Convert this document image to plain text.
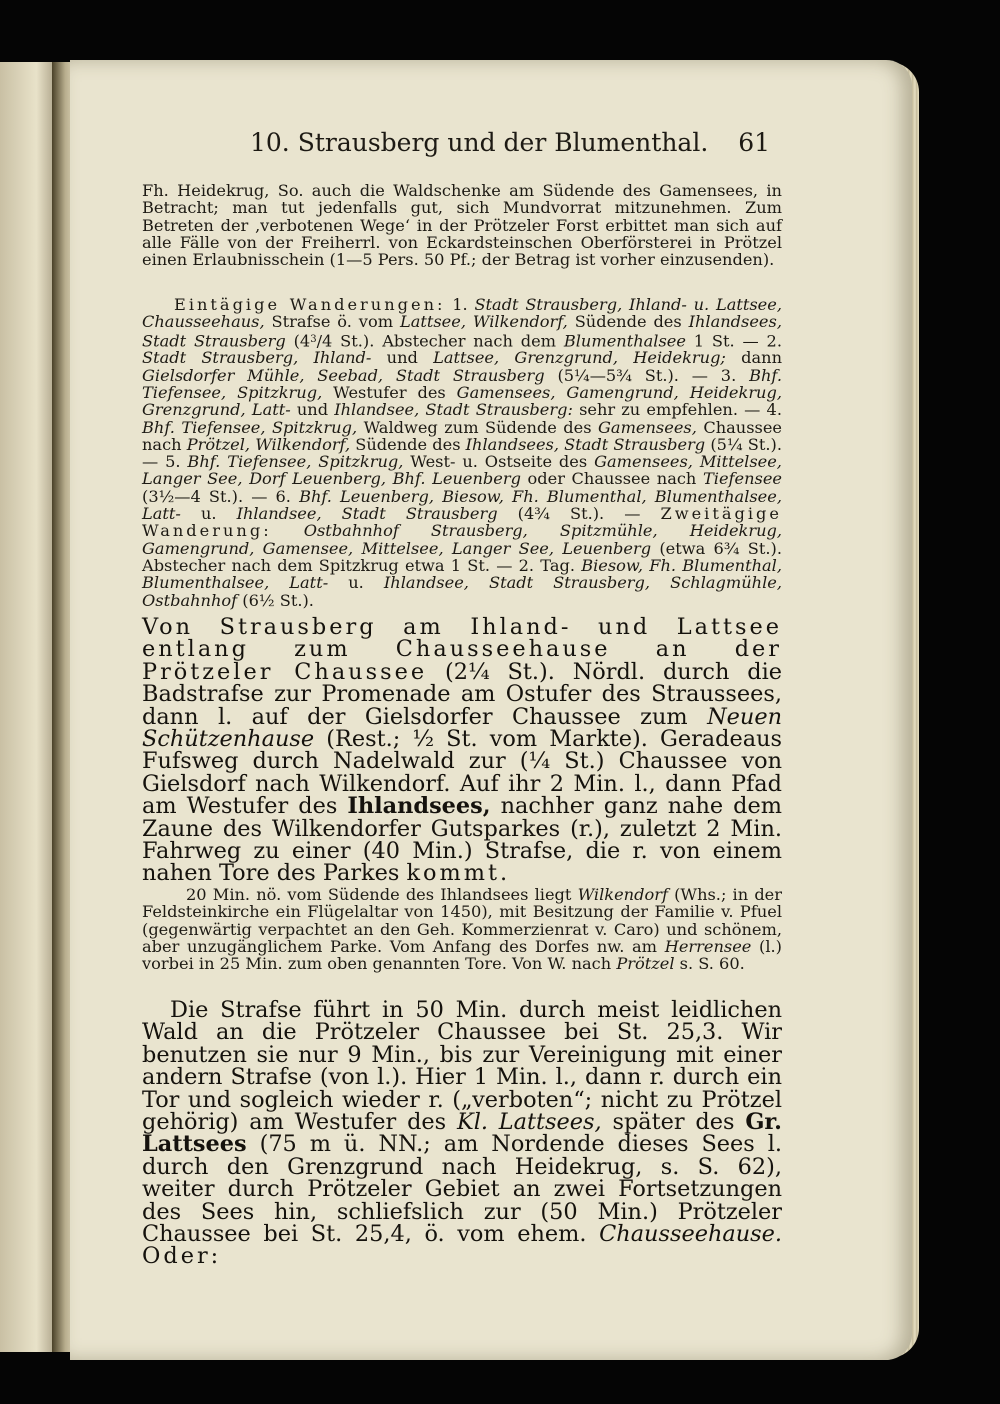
10. Strausberg und der Blumenthal. 61

Fh. Heidekrug, So. auch die Waldschenke am Südende des Gamensees, in Betracht; man tut jedenfalls gut, sich Mundvorrat mitzunehmen. Zum Betreten der ‚verbotenen Wege‘ in der Prötzeler Forst erbittet man sich auf alle Fälle von der Freiherrl. von Eckardsteinschen Oberförsterei in Prötzel einen Erlaubnisschein (1—5 Pers. 50 Pf.; der Betrag ist vorher einzusenden).

Eintägige Wanderungen: 1. Stadt Strausberg, Ihland- u. Lattsee, Chausseehaus, Strafse ö. vom Lattsee, Wilkendorf, Südende des Ihlandsees, Stadt Strausberg ($4^3/4$ St.). Abstecher nach dem Blumenthalsee 1 St. — 2. Stadt Strausberg, Ihland- und Lattsee, Grenzgrund, Heidekrug; dann Gielsdorfer Mühle, Seebad, Stadt Strausberg (5¼—5¾ St.). — 3. Bhf. Tiefensee, Spitzkrug, Westufer des Gamensees, Gamengrund, Heidekrug, Grenzgrund, Latt- und Ihlandsee, Stadt Strausberg: sehr zu empfehlen. — 4. Bhf. Tiefensee, Spitzkrug, Waldweg zum Südende des Gamensees, Chaussee nach Prötzel, Wilkendorf, Südende des Ihlandsees, Stadt Strausberg (5¼ St.). — 5. Bhf. Tiefensee, Spitzkrug, West- u. Ostseite des Gamensees, Mittelsee, Langer See, Dorf Leuenberg, Bhf. Leuenberg oder Chaussee nach Tiefensee (3½—4 St.). — 6. Bhf. Leuenberg, Biesow, Fh. Blumenthal, Blumenthalsee, Latt- u. Ihlandsee, Stadt Strausberg (4¾ St.). — Zweitägige Wanderung: Ostbahnhof Strausberg, Spitzmühle, Heidekrug, Gamengrund, Gamensee, Mittelsee, Langer See, Leuenberg (etwa 6¾ St.). Abstecher nach dem Spitzkrug etwa 1 St. — 2. Tag. Biesow, Fh. Blumenthal, Blumenthalsee, Latt- u. Ihlandsee, Stadt Strausberg, Schlagmühle, Ostbahnhof (6½ St.).

Von Strausberg am Ihland- und Lattsee entlang zum Chausseehause an der Prötzeler Chaussee (2¼ St.). Nördl. durch die Badstrafse zur Promenade am Ostufer des Straussees, dann l. auf der Gielsdorfer Chaussee zum Neuen Schützenhause (Rest.; ½ St. vom Markte). Geradeaus Fufsweg durch Nadelwald zur (¼ St.) Chaussee von Gielsdorf nach Wilkendorf. Auf ihr 2 Min. l., dann Pfad am Westufer des Ihlandsees, nachher ganz nahe dem Zaune des Wilkendorfer Gutsparkes (r.), zuletzt 2 Min. Fahrweg zu einer (40 Min.) Strafse, die r. von einem nahen Tore des Parkes kommt.

20 Min. nö. vom Südende des Ihlandsees liegt Wilkendorf (Whs.; in der Feldsteinkirche ein Flügelaltar von 1450), mit Besitzung der Familie v. Pfuel (gegenwärtig verpachtet an den Geh. Kommerzienrat v. Caro) und schönem, aber unzugänglichem Parke. Vom Anfang des Dorfes nw. am Herrensee (l.) vorbei in 25 Min. zum oben genannten Tore. Von W. nach Prötzel s. S. 60.

Die Strafse führt in 50 Min. durch meist leidlichen Wald an die Prötzeler Chaussee bei St. 25,3. Wir benutzen sie nur 9 Min., bis zur Vereinigung mit einer andern Strafse (von l.). Hier 1 Min. l., dann r. durch ein Tor und sogleich wieder r. („verboten“; nicht zu Prötzel gehörig) am Westufer des Kl. Lattsees, später des Gr. Lattsees (75 m ü. NN.; am Nordende dieses Sees l. durch den Grenzgrund nach Heidekrug, s. S. 62), weiter durch Prötzeler Gebiet an zwei Fortsetzungen des Sees hin, schliefslich zur (50 Min.) Prötzeler Chaussee bei St. 25,4, ö. vom ehem. Chausseehause. Oder:
